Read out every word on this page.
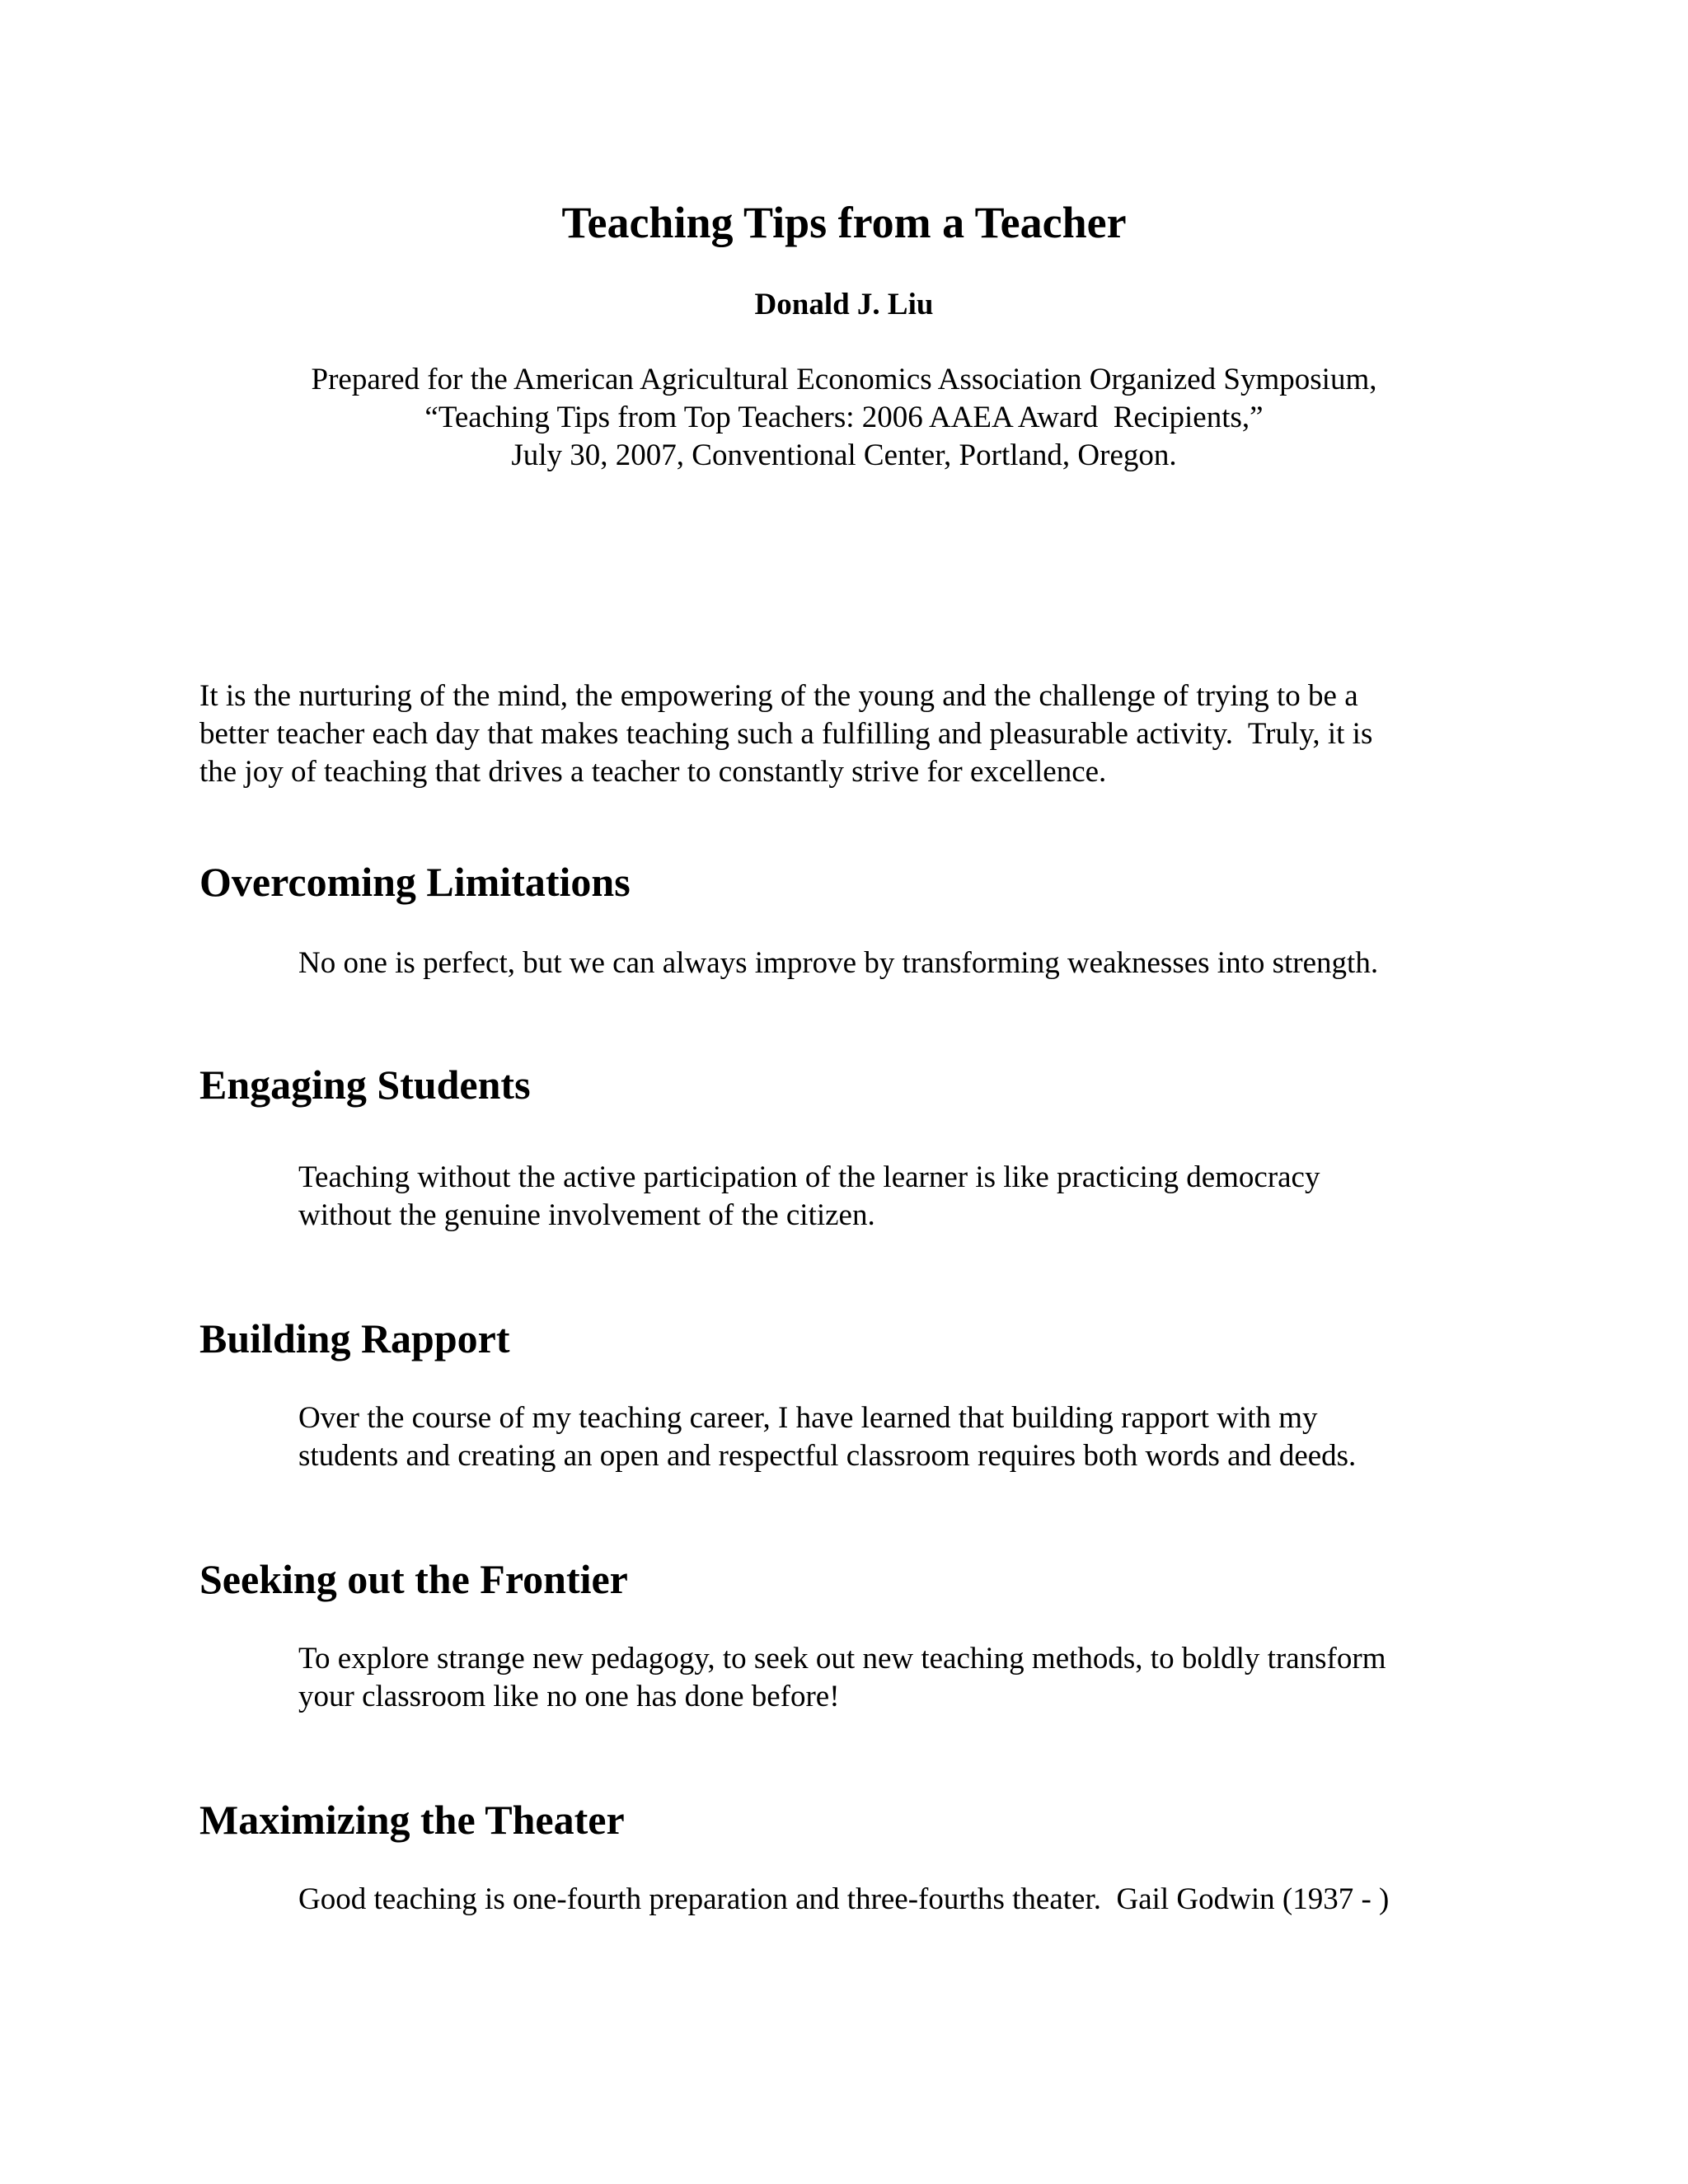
Teaching Tips from a Teacher
Donald J. Liu
Prepared for the American Agricultural Economics Association Organized Symposium,
“Teaching Tips from Top Teachers: 2006 AAEA Award  Recipients,”
July 30, 2007, Conventional Center, Portland, Oregon.
It is the nurturing of the mind, the empowering of the young and the challenge of trying to be a
better teacher each day that makes teaching such a fulfilling and pleasurable activity.  Truly, it is
the joy of teaching that drives a teacher to constantly strive for excellence.
Overcoming Limitations
No one is perfect, but we can always improve by transforming weaknesses into strength.
Engaging Students
Teaching without the active participation of the learner is like practicing democracy
without the genuine involvement of the citizen.
Building Rapport
Over the course of my teaching career, I have learned that building rapport with my
students and creating an open and respectful classroom requires both words and deeds.
Seeking out the Frontier
To explore strange new pedagogy, to seek out new teaching methods, to boldly transform
your classroom like no one has done before!
Maximizing the Theater
Good teaching is one-fourth preparation and three-fourths theater.  Gail Godwin (1937 - )
